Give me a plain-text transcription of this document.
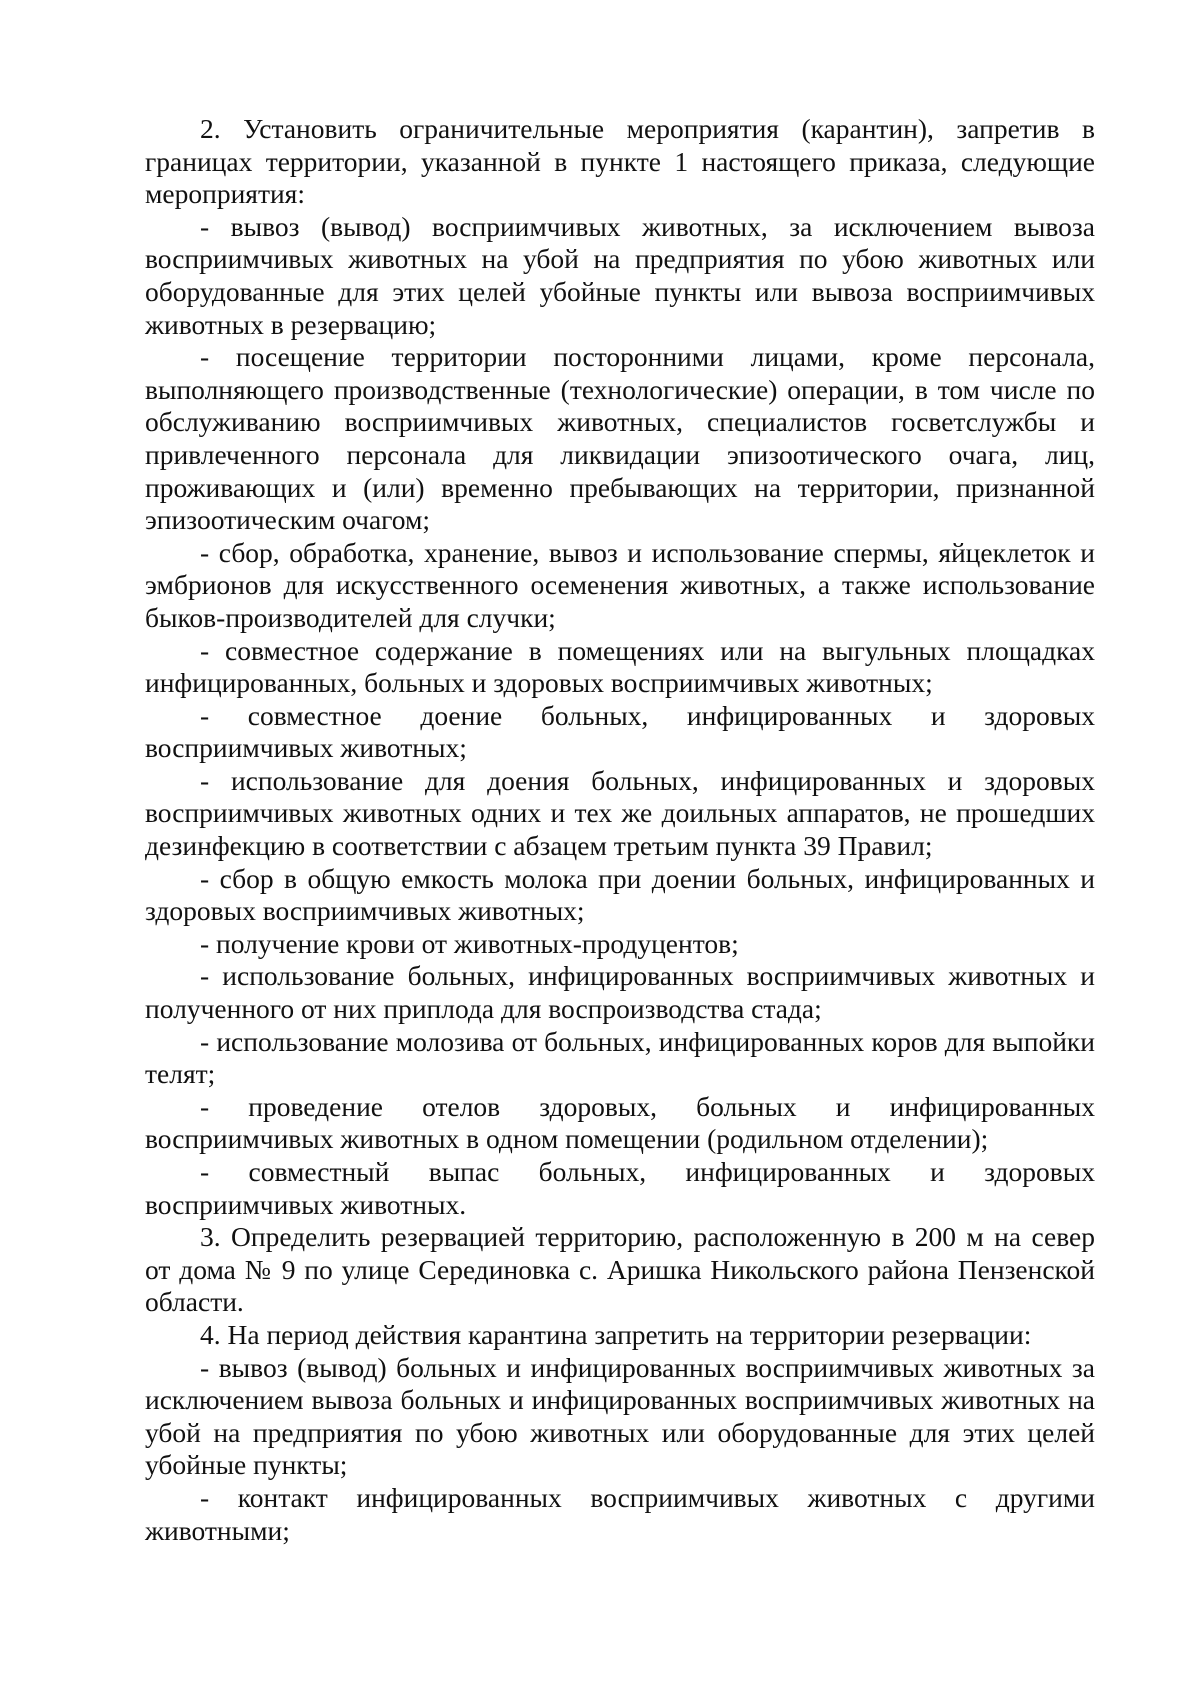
2. Установить ограничительные мероприятия (карантин), запретив в границах территории, указанной в пункте 1 настоящего приказа, следующие мероприятия:

- вывоз (вывод) восприимчивых животных, за исключением вывоза восприимчивых животных на убой на предприятия по убою животных или оборудованные для этих целей убойные пункты или вывоза восприимчивых животных в резервацию;

- посещение территории посторонними лицами, кроме персонала, выполняющего производственные (технологические) операции, в том числе по обслуживанию восприимчивых животных, специалистов госветслужбы и привлеченного персонала для ликвидации эпизоотического очага, лиц, проживающих и (или) временно пребывающих на территории, признанной эпизоотическим очагом;

- сбор, обработка, хранение, вывоз и использование спермы, яйцеклеток и эмбрионов для искусственного осеменения животных, а также использование быков-производителей для случки;

- совместное содержание в помещениях или на выгульных площадках инфицированных, больных и здоровых восприимчивых животных;

- совместное доение больных, инфицированных и здоровых восприимчивых животных;

- использование для доения больных, инфицированных и здоровых восприимчивых животных одних и тех же доильных аппаратов, не прошедших дезинфекцию в соответствии с абзацем третьим пункта 39 Правил;

- сбор в общую емкость молока при доении больных, инфицированных и здоровых восприимчивых животных;

- получение крови от животных-продуцентов;

- использование больных, инфицированных восприимчивых животных и полученного от них приплода для воспроизводства стада;

- использование молозива от больных, инфицированных коров для выпойки телят;

- проведение отелов здоровых, больных и инфицированных восприимчивых животных в одном помещении (родильном отделении);

- совместный выпас больных, инфицированных и здоровых восприимчивых животных.

3. Определить резервацией территорию, расположенную в 200 м на север от дома № 9 по улице Серединовка с. Аришка Никольского района Пензенской области.

4. На период действия карантина запретить на территории резервации:

- вывоз (вывод) больных и инфицированных восприимчивых животных за исключением вывоза больных и инфицированных восприимчивых животных на убой на предприятия по убою животных или оборудованные для этих целей убойные пункты;

- контакт инфицированных восприимчивых животных с другими животными;
